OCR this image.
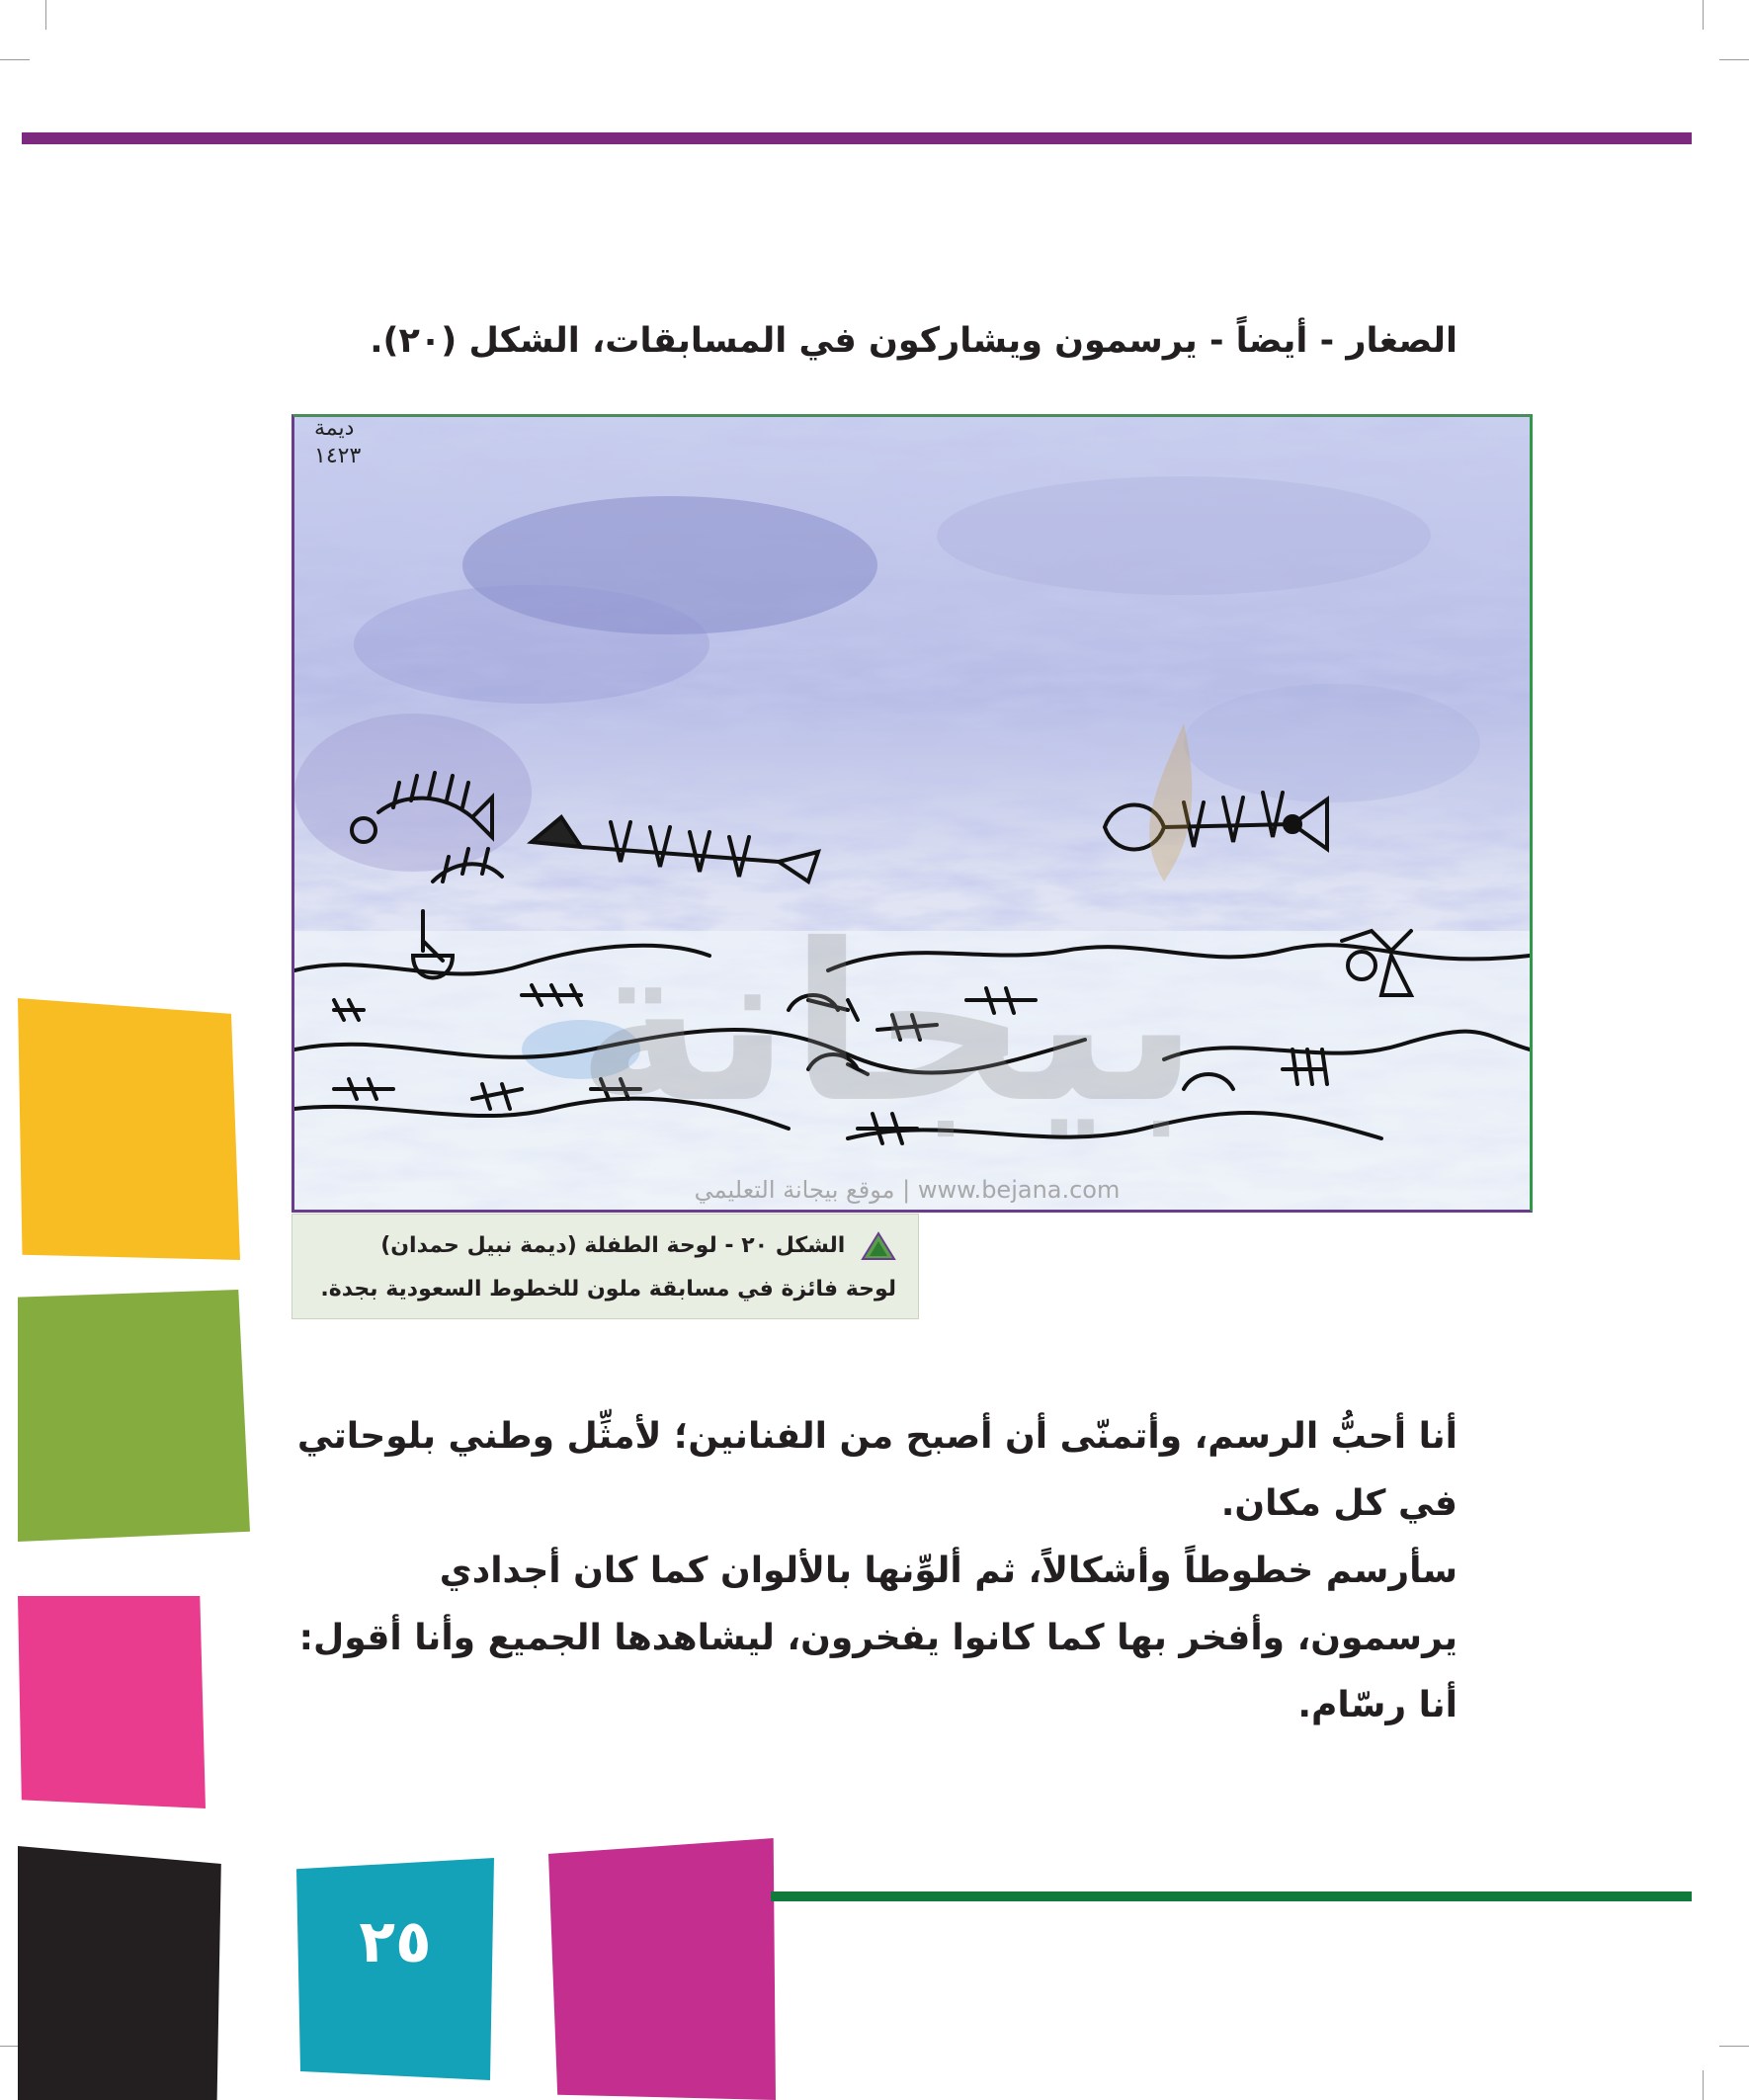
الصغار - أيضاً - يرسمون ويشاركون في المسابقات، الشكل (٢٠).
ديمة
١٤٢٣
بيجانة
موقع بيجانة التعليمي | www.bejana.com
الشكل ٢٠ - لوحة الطفلة (ديمة نبيل حمدان)
لوحة فائزة في مسابقة ملون للخطوط السعودية بجدة.

أنا أحبُّ الرسم، وأتمنّى أن أصبح من الفنانين؛ لأمثِّل وطني بلوحاتي في كل مكان.

سأرسم خطوطاً وأشكالاً، ثم ألوِّنها بالألوان كما كان أجدادي يرسمون، وأفخر بها كما كانوا يفخرون، ليشاهدها الجميع وأنا أقول: أنا رسّام.

٢٥
